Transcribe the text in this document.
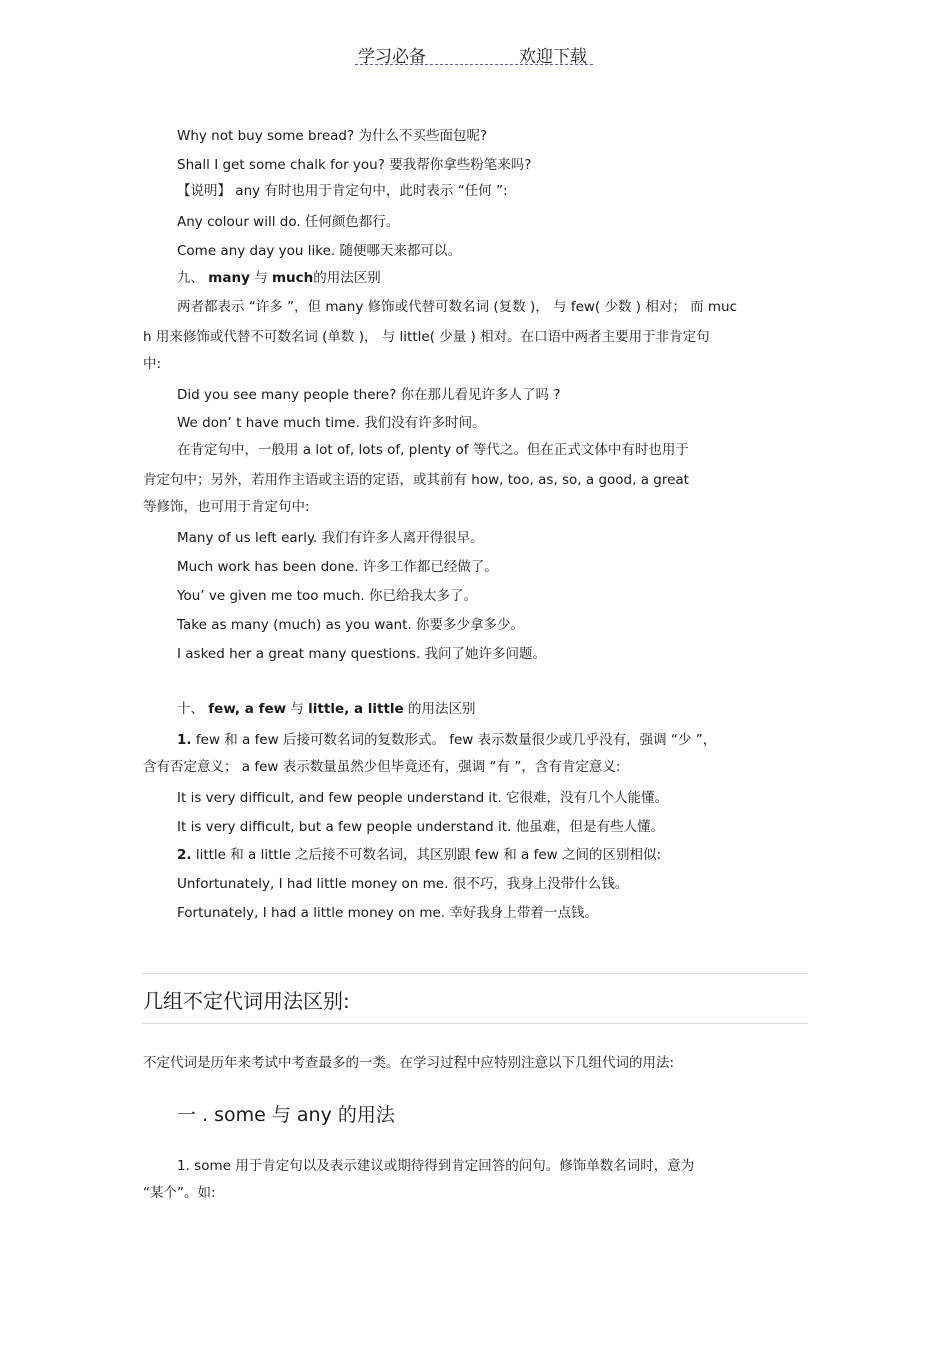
学习必备	欢迎下载
Why not buy some bread? 为什么不买些面包呢?
Shall I get some chalk for you? 要我帮你拿些粉笔来吗?
【说明】 any 有时也用于肯定句中，此时表示 “任何 ”:
Any colour will do. 任何颜色都行。
Come any day you like. 随便哪天来都可以。
九、 many 与 much的用法区别
两者都表示 “许多 ”，但 many 修饰或代替可数名词 (复数 )， 与 few( 少数 ) 相对； 而 muc
h 用来修饰或代替不可数名词 (单数 )， 与 little( 少量 ) 相对。在口语中两者主要用于非肯定句
中:
Did you see many people there? 你在那儿看见许多人了吗 ?
We don’ t have much time. 我们没有许多时间。
在肯定句中，一般用 a lot of, lots of, plenty of 等代之。但在正式文体中有时也用于
肯定句中；另外，若用作主语或主语的定语，或其前有 how, too, as, so, a good, a great
等修饰，也可用于肯定句中:
Many of us left early. 我们有许多人离开得很早。
Much work has been done. 许多工作都已经做了。
You’ ve given me too much. 你已给我太多了。
Take as many (much) as you want. 你要多少拿多少。
I asked her a great many questions. 我问了她许多问题。
十、 few, a few 与 little, a little 的用法区别
1. few 和 a few 后接可数名词的复数形式。 few 表示数量很少或几乎没有，强调 “少 ”，
含有否定意义； a few 表示数量虽然少但毕竟还有，强调 “有 ”，含有肯定意义:
It is very difficult, and few people understand it. 它很难，没有几个人能懂。
It is very difficult, but a few people understand it. 他虽难，但是有些人懂。
2. little 和 a little 之后接不可数名词，其区别跟 few 和 a few 之间的区别相似:
Unfortunately, I had little money on me. 很不巧，我身上没带什么钱。
Fortunately, I had a little money on me. 幸好我身上带着一点钱。
几组不定代词用法区别:
不定代词是历年来考试中考查最多的一类。在学习过程中应特别注意以下几组代词的用法:
一 . some 与 any 的用法
1. some 用于肯定句以及表示建议或期待得到肯定回答的问句。修饰单数名词时，意为
“某个”。如:
